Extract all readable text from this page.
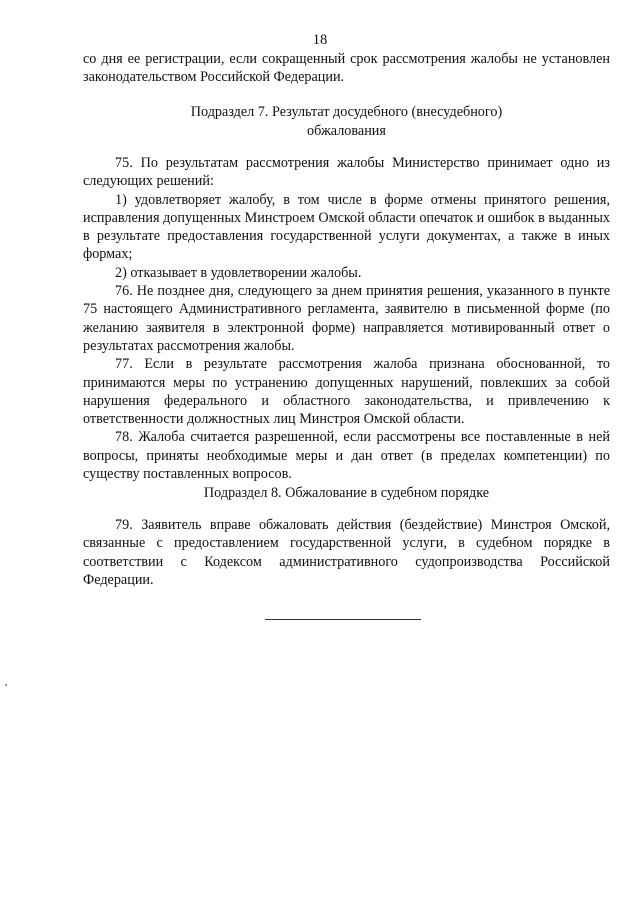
18

со дня ее регистрации, если сокращенный срок рассмотрения жалобы не установлен законодательством Российской Федерации.

Подраздел 7. Результат досудебного (внесудебного)
обжалования

75. По результатам рассмотрения жалобы Министерство принимает одно из следующих решений:

1) удовлетворяет жалобу, в том числе в форме отмены принятого решения, исправления допущенных Минстроем Омской области опечаток и ошибок в выданных в результате предоставления государственной услуги документах, а также в иных формах;

2) отказывает в удовлетворении жалобы.

76. Не позднее дня, следующего за днем принятия решения, указанного в пункте 75 настоящего Административного регламента, заявителю в письменной форме (по желанию заявителя в электронной форме) направляется мотивированный ответ о результатах рассмотрения жалобы.

77. Если в результате рассмотрения жалоба признана обоснованной, то принимаются меры по устранению допущенных нарушений, повлекших за собой нарушения федерального и областного законодательства, и привлечению к ответственности должностных лиц Минстроя Омской области.

78. Жалоба считается разрешенной, если рассмотрены все поставленные в ней вопросы, приняты необходимые меры и дан ответ (в пределах компетенции) по существу поставленных вопросов.

Подраздел 8. Обжалование в судебном порядке

79. Заявитель вправе обжаловать действия (бездействие) Минстроя Омской, связанные с предоставлением государственной услуги, в судебном порядке в соответствии с Кодексом административного судопроизводства Российской Федерации.
